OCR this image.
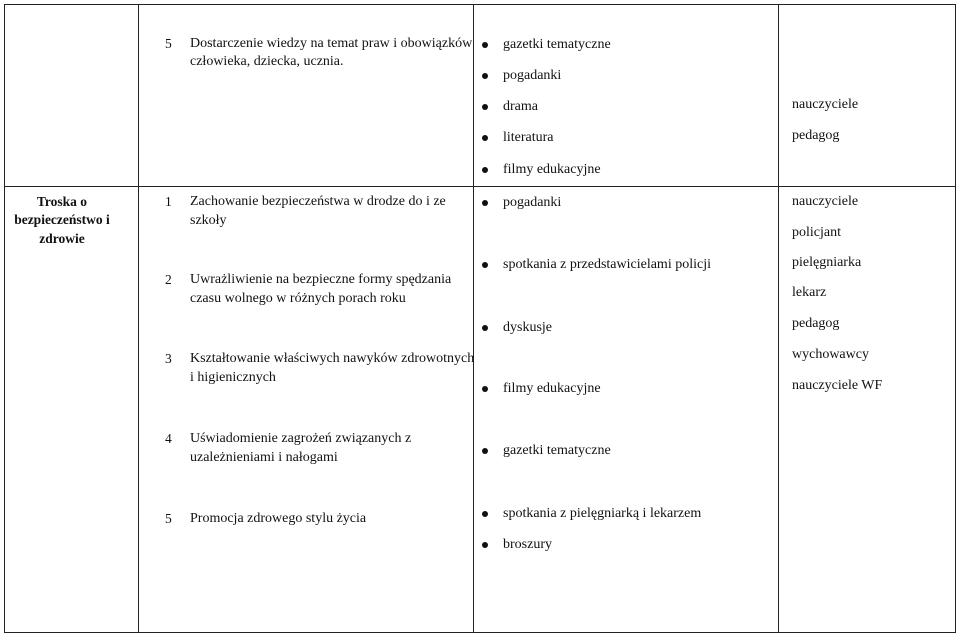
5 Dostarczenie wiedzy na temat praw i obowiązków
człowieka, dziecka, ucznia.
gazetki tematyczne
pogadanki
drama
literatura
filmy edukacyjne
nauczyciele
pedagog
Troska o
bezpieczeństwo i
zdrowie
1 Zachowanie bezpieczeństwa w drodze do i ze
szkoły
2 Uwrażliwienie na bezpieczne formy spędzania
czasu wolnego w różnych porach roku
3 Kształtowanie właściwych nawyków zdrowotnych
i higienicznych
4 Uświadomienie zagrożeń związanych z
uzależnieniami i nałogami
5 Promocja zdrowego stylu życia
pogadanki
spotkania z przedstawicielami policji
dyskusje
filmy edukacyjne
gazetki tematyczne
spotkania z pielęgniarką i lekarzem
broszury
nauczyciele
policjant
pielęgniarka
lekarz
pedagog
wychowawcy
nauczyciele WF
